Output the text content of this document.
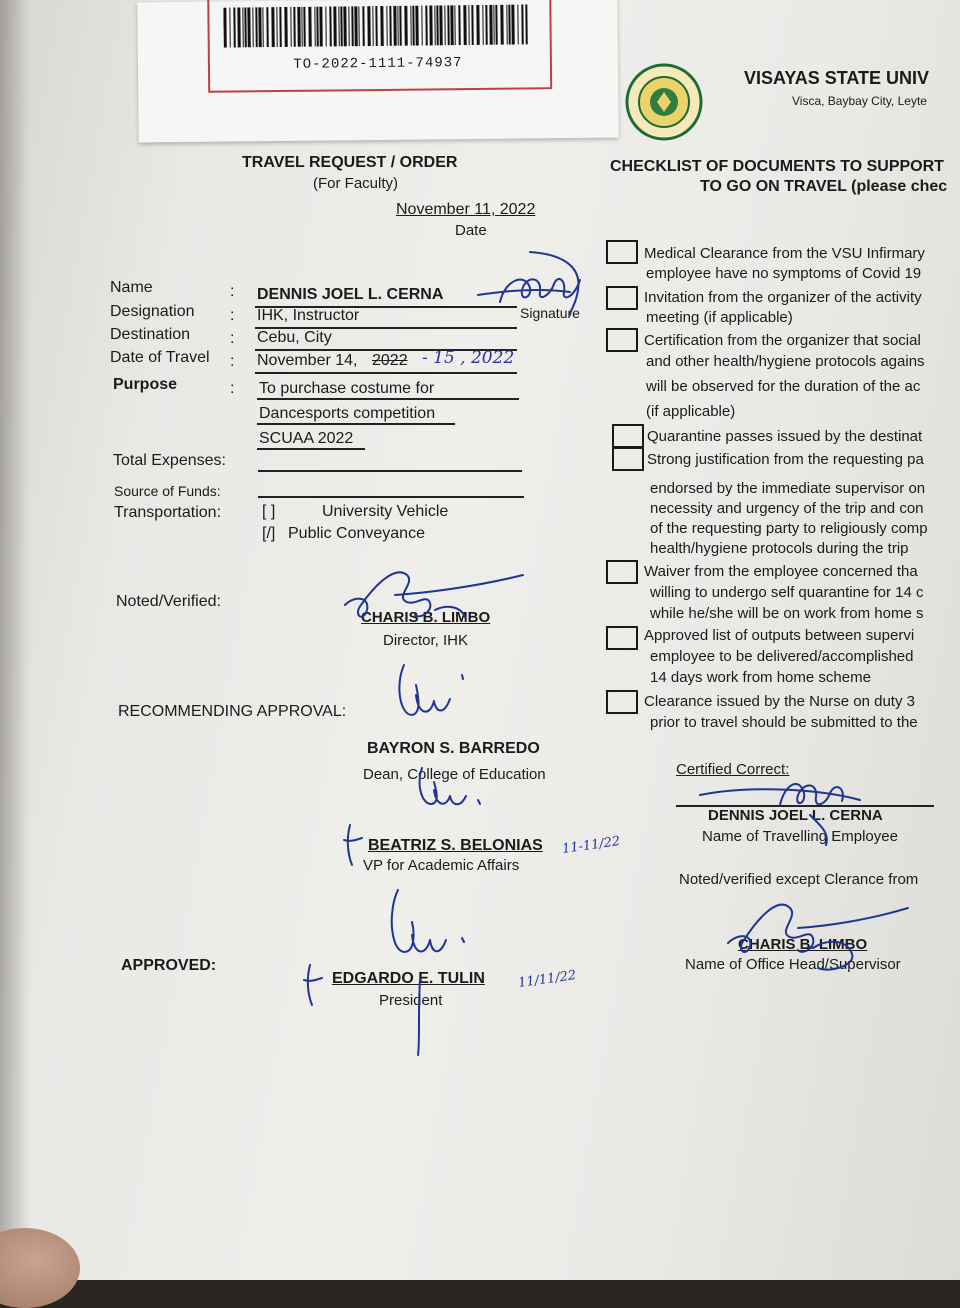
TO-2022-1111-74937
VISAYAS STATE UNIV
Visca, Baybay City, Leyte
TRAVEL REQUEST / ORDER
(For Faculty)
November 11, 2022
Date
Name	: DENNIS JOEL L. CERNA
Signature
Designation : IHK, Instructor
Destination : Cebu, City
Date of Travel : November 14, 2022 - 15 , 2022
Purpose	: To purchase costume for
Dancesports competition
SCUAA 2022
Total Expenses:
Source of Funds:
Transportation:	[ ]	University Vehicle
[/] Public Conveyance
Noted/Verified:
CHARIS B. LIMBO
Director, IHK
RECOMMENDING APPROVAL:
BAYRON S. BARREDO
Dean, College of Education
BEATRIZ S. BELONIAS
VP for Academic Affairs
11-11/22
APPROVED:
EDGARDO E. TULIN
President
11/11/22
CHECKLIST OF DOCUMENTS TO SUPPORT
TO GO ON TRAVEL (please chec
Medical Clearance from the VSU Infirmary
employee have no symptoms of Covid 19
Invitation from the organizer of the activity
meeting (if applicable)
Certification from the organizer that social
and other health/hygiene protocols agains
will be observed for the duration of the ac
(if applicable)
Quarantine passes issued by the destinat
Strong justification from the requesting pa
endorsed by the immediate supervisor on
necessity and urgency of the trip and con
of the requesting party to religiously comp
health/hygiene protocols during the trip
Waiver from the employee concerned tha
willing to undergo self quarantine for 14 c
while he/she will be on work from home s
Approved list of outputs between supervi
employee to be delivered/accomplished
14 days work from home scheme
Clearance issued by the Nurse on duty 3
prior to travel should be submitted to the
Certified Correct:
DENNIS JOEL L. CERNA
Name of Travelling Employee
Noted/verified except Clerance from
CHARIS B. LIMBO
Name of Office Head/Supervisor
